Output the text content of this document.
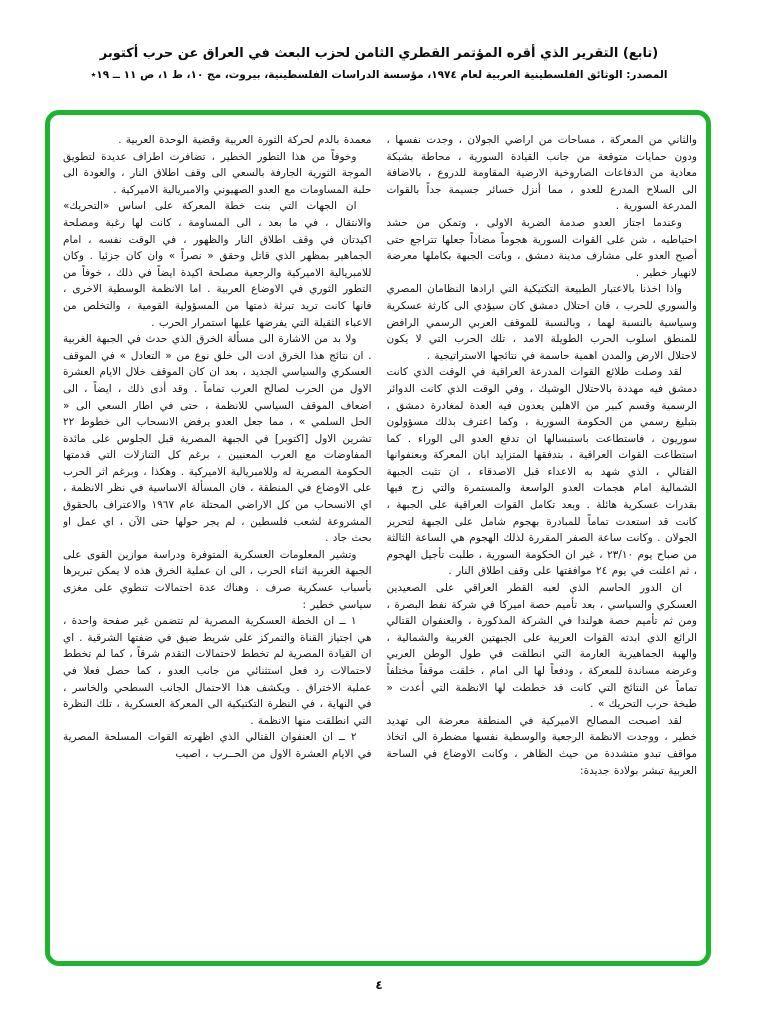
(تابع) التقرير الذي أقره المؤتمر القطري الثامن لحزب البعث في العراق عن حرب أكتوبر
المصدر: الوثائق الفلسطينية العربية لعام ١٩٧٤، مؤسسة الدراسات الفلسطينية، بيروت، مج ١٠، ط ١، ص ١١ ــ ١٩٭

والثاني من المعركة ، مساحات من اراضي الجولان ، وجدت نفسها ، ودون حمايات متوقعة من جانب القيادة السورية ، محاطة بشبكة معادية من الدفاعات الصاروخية الارضية المقاومة للدروع ، بالاضافة الى السلاح المدرع للعدو ، مما أنزل خسائر جسيمة جداً بالقوات المدرعة السورية .

وعندما اجتاز العدو صدمة الضربة الاولى ، وتمكن من حشد احتياطيه ، شن على القوات السورية هجوماً مضاداً جعلها تتراجع حتى أصبح العدو على مشارف مدينة دمشق ، وباتت الجبهة بكاملها معرضة لانهيار خطير .

واذا اخذنا بالاعتبار الطبيعة التكتيكية التي ارادها النظامان المصري والسوري للحرب ، فان احتلال دمشق كان سيؤدي الى كارثة عسكرية وسياسية بالنسبة لهما ، وبالنسبة للموقف العربي الرسمي الرافض للمنطق اسلوب الحرب الطويلة الامد ، تلك الحرب التي لا يكون لاحتلال الارض والمدن اهمية حاسمة في نتائجها الاستراتيجية .

لقد وصلت طلائع القوات المدرعة العراقية في الوقت الذي كانت دمشق فيه مهددة بالاحتلال الوشيك ، وفي الوقت الذي كانت الدوائر الرسمية وقسم كبير من الاهلين يعدون فيه العدة لمغادرة دمشق ، بتبليغ رسمي من الحكومة السورية ، وكما اعترف بذلك مسؤولون سوريون ، فاستطاعت باستبسالها ان تدفع العدو الى الوراء . كما استطاعت القوات العراقية ، بتدفقها المتزايد ابان المعركة وبعنفوانها القتالي ، الذي شهد به الاعداء قبل الاصدقاء ، ان تثبت الجبهة الشمالية امام هجمات العدو الواسعة والمستمرة والتي زج فيها بقدرات عسكرية هائلة . وبعد تكامل القوات العراقية على الجبهة ، كانت قد استعدت تماماً للمبادرة بهجوم شامل على الجبهة لتحرير الجولان . وكانت ساعة الصفر المقررة لذلك الهجوم هي الساعة الثالثة من صباح يوم ٢٣/١٠ ، غير ان الحكومة السورية ، طلبت تأجيل الهجوم ، ثم اعلنت في يوم ٢٤ موافقتها على وقف اطلاق النار .

ان الدور الحاسم الذي لعبه القطر العراقي على الصعيدين العسكري والسياسي ، بعد تأميم حصة اميركا في شركة نفط البصرة ، ومن ثم تأميم حصة هولندا في الشركة المذكورة ، والعنفوان القتالي الرائع الذي ابدته القوات العربية على الجبهتين الغربية والشمالية ، والهبة الجماهيرية العارمة التي انطلقت في طول الوطن العربي وعرضه مساندة للمعركة ، ودفعاً لها الى امام ، خلقت موقفاً مختلفاً تماماً عن النتائج التي كانت قد خططت لها الانظمة التي أعدت « طبخة حرب التحريك » .

لقد اصبحت المصالح الاميركية في المنطقة معرضة الى تهديد خطير ، ووجدت الانظمة الرجعية والوسطية نفسها مضطرة الى اتخاذ مواقف تبدو متشددة من حيث الظاهر ، وكانت الاوضاع في الساحة العربية تبشر بولادة جديدة:

معمدة بالدم لحركة الثورة العربية وقضية الوحدة العربية .

وخوفاً من هذا التطور الخطير ، تضافرت اطراف عديدة لتطويق الموجة الثورية الجارفة بالسعي الى وقف اطلاق النار ، والعودة الى حلبة المساومات مع العدو الصهيوني والامبريالية الاميركية .

ان الجهات التي بنت خطة المعركة على اساس «التحريك» والانتقال ، في ما بعد ، الى المساومة ، كانت لها رغبة ومصلحة اكيدتان في وقف اطلاق النار والظهور ، في الوقت نفسه ، امام الجماهير بمظهر الذي قاتل وحقق « نصراً » وان كان جزئيا . وكان للامبريالية الاميركية والرجعية مصلحة اكيدة ايضاً في ذلك ، خوفاً من التطور الثوري في الاوضاع العربية . اما الانظمة الوسطية الاخرى ، فانها كانت تريد تبرئة ذمتها من المسؤولية القومية ، والتخلص من الاعباء الثقيلة التي يفرضها عليها استمرار الحرب .

ولا بد من الاشارة الى مسألة الخرق الذي حدث في الجبهة الغربية . ان نتائج هذا الخرق ادت الى خلق نوع من « التعادل » في الموقف العسكري والسياسي الجديد ، بعد ان كان الموقف خلال الايام العشرة الاول من الحرب لصالح العرب تماماً . وقد أدى ذلك ، ايضاً ، الى اضعاف الموقف السياسي للانظمة ، حتى في اطار السعي الى « الحل السلمي » ، مما جعل العدو يرفض الانسحاب الى خطوط ٢٢ تشرين الاول [اكتوبر] في الجبهة المصرية قبل الجلوس على مائدة المفاوضات مع العرب المعنيين ، برغم كل التنازلات التي قدمتها الحكومة المصرية له وللامبريالية الاميركية . وهكذا ، وبرغم اثر الحرب على الاوضاع في المنطقة ، فان المسألة الاساسية في نظر الانظمة ، اي الانسحاب من كل الاراضي المحتلة عام ١٩٦٧ والاعتراف بالحقوق المشروعة لشعب فلسطين ، لم يجر حولها حتى الآن ، اي عمل او بحث جاد .

وتشير المعلومات العسكرية المتوفرة ودراسة موازين القوى على الجبهة الغربية اثناء الحرب ، الى ان عملية الخرق هذه لا يمكن تبريرها بأسباب عسكرية صرف . وهناك عدة احتمالات تنطوي على مغزى سياسي خطير :

١ ــ ان الخطة العسكرية المصرية لم تتضمن غير صفحة واحدة ، هي اجتياز القناة والتمركز على شريط ضيق في ضفتها الشرقية . اي ان القيادة المصرية لم تخطط لاحتمالات التقدم شرقاً ، كما لم تخطط لاحتمالات رد فعل استثنائي من جانب العدو ، كما حصل فعلا في عملية الاختراق . ويكشف هذا الاحتمال الجانب السطحي والخاسر ، في النهاية ، في النظرة التكتيكية الى المعركة العسكرية ، تلك النظرة التي انطلقت منها الانظمة .

٢ ــ ان العنفوان القتالي الذي اظهرته القوات المسلحة المصرية في الايام العشرة الاول من الحــرب ، اصيب

٤
